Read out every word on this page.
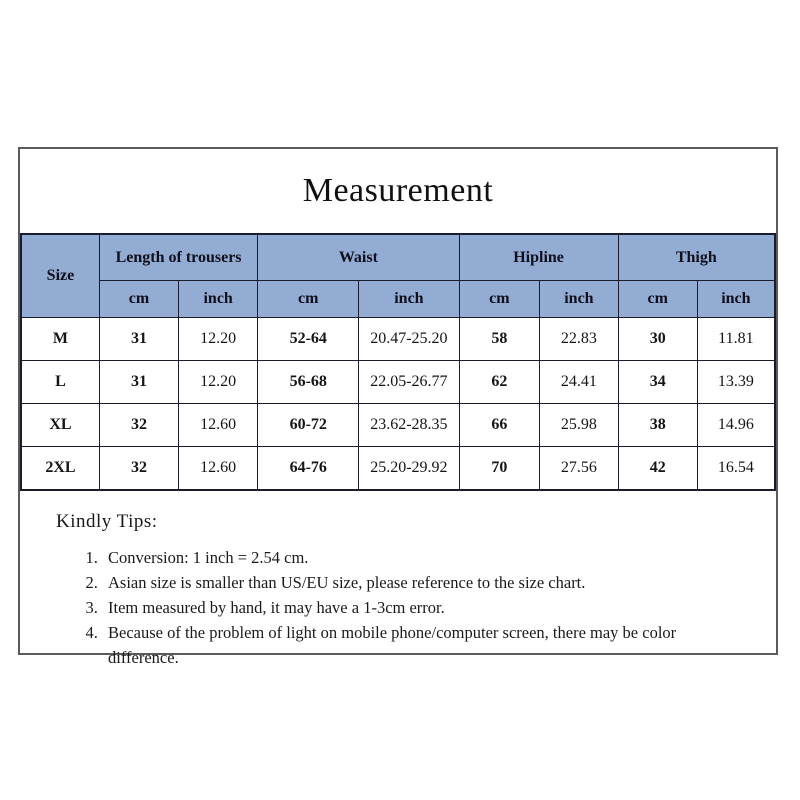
Measurement
Size	Length of trousers		Waist		Hipline		Thigh	
	cm	inch	cm	inch	cm	inch	cm	inch
M	31	12.20	52-64	20.47-25.20	58	22.83	30	11.81
L	31	12.20	56-68	22.05-26.77	62	24.41	34	13.39
XL	32	12.60	60-72	23.62-28.35	66	25.98	38	14.96
2XL	32	12.60	64-76	25.20-29.92	70	27.56	42	16.54
Kindly Tips:
1. Conversion: 1 inch = 2.54 cm.
2. Asian size is smaller than US/EU size, please reference to the size chart.
3. Item measured by hand, it may have a 1-3cm error.
4. Because of the problem of light on mobile phone/computer screen, there may be color difference.
